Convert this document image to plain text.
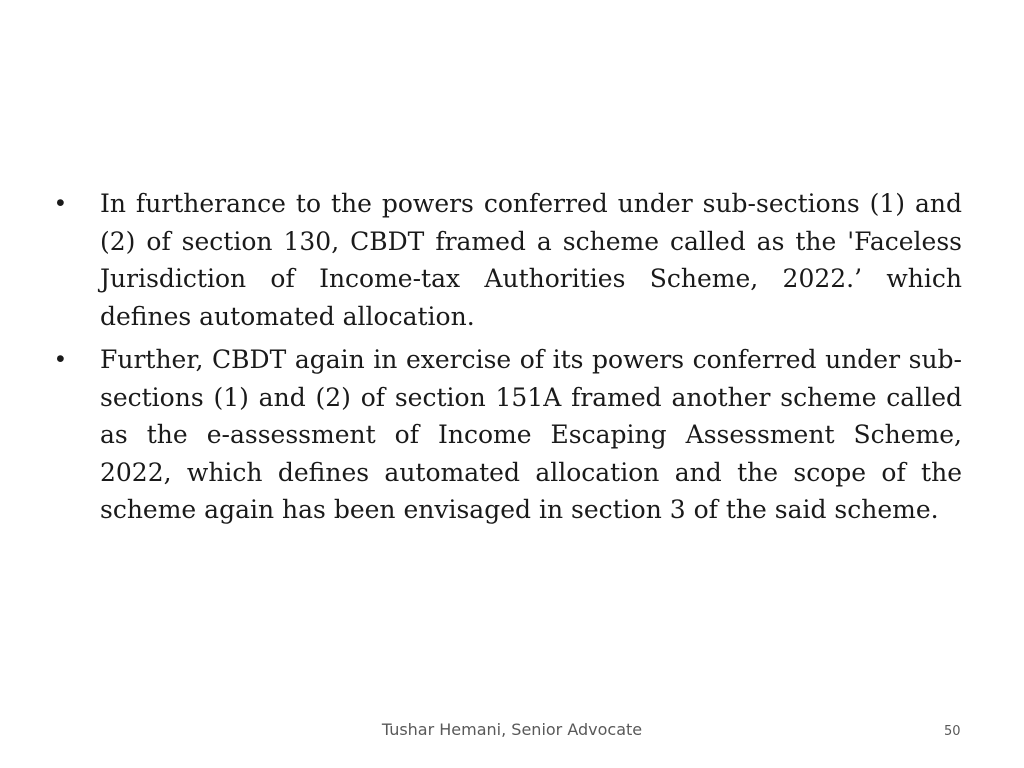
• In furtherance to the powers conferred under sub-sections (1) and (2) of section 130, CBDT framed a scheme called as the 'Faceless Jurisdiction of Income-tax Authorities Scheme, 2022.’ which defines automated allocation.
• Further, CBDT again in exercise of its powers conferred under sub-sections (1) and (2) of section 151A framed another scheme called as the e-assessment of Income Escaping Assessment Scheme, 2022, which defines automated allocation and the scope of the scheme again has been envisaged in section 3 of the said scheme.
Tushar Hemani, Senior Advocate	50
